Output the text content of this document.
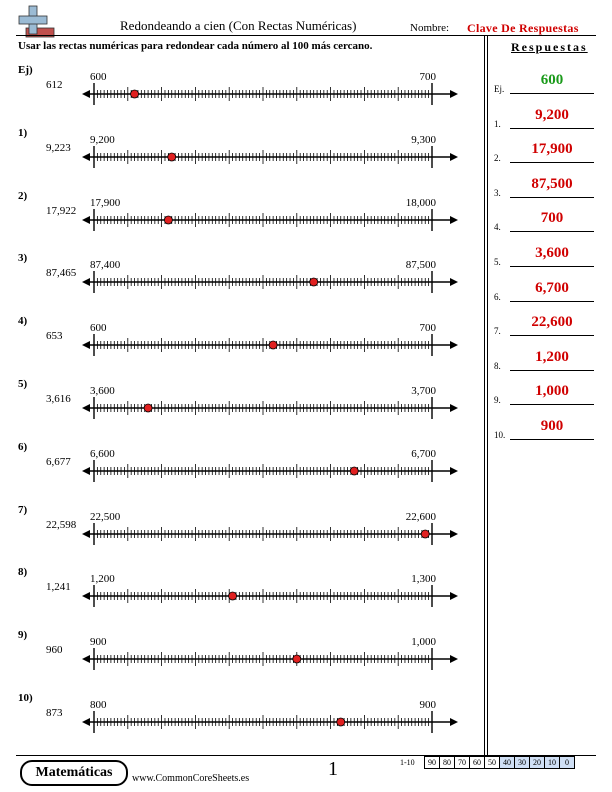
Redondeando a cien (Con Rectas Numéricas)	Nombre: Clave De Respuestas
Usar las rectas numéricas para redondear cada número al 100 más cercano.	Respuestas
Ej)
612
600	700
1)
9,223
9,200	9,300
2)
17,922
17,900	18,000
3)
87,465
87,400	87,500
4)
653
600	700
5)
3,616
3,600	3,700
6)
6,677
6,600	6,700
7)
22,598
22,500	22,600
8)
1,241
1,200	1,300
9)
960
900	1,000
10)
873
800	900
Ej.
600
1.
9,200
2.
17,900
3.
87,500
4.
700
5.
3,600
6.
6,700
7.
22,600
8.
1,200
9.
1,000
10.
900
Matemáticas	www.CommonCoreSheets.es	1	1-10 90	80	70	60	50	40	30	20	10	0
